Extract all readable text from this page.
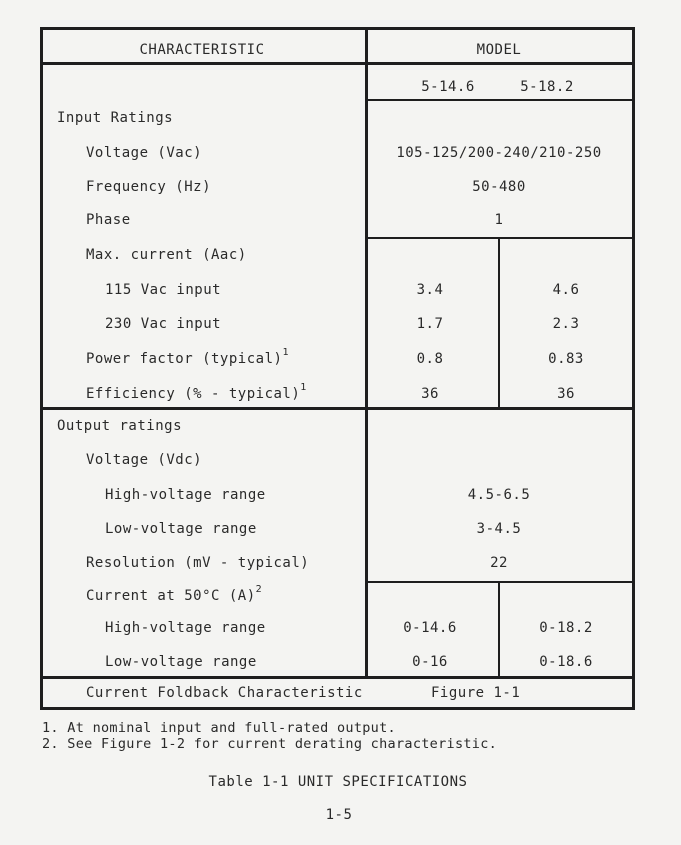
CHARACTERISTIC	MODEL
5-14.6	5-18.2
Input Ratings
Voltage (Vac)	105-125/200-240/210-250
Frequency (Hz)	50-480
Phase	1
Max. current (Aac)
115 Vac input	3.4	4.6
230 Vac input	1.7	2.3
Power factor (typical)$^1$	0.8	0.83
Efficiency (% - typical)$^1$	36	36
Output ratings
Voltage (Vdc)
High-voltage range	4.5-6.5
Low-voltage range	3-4.5
Resolution (mV - typical)	22
Current at 50°C $(A)^2$
High-voltage range	0-14.6	0-18.2
Low-voltage range	0-16	0-18.6
Current Foldback Characteristic	Figure 1-1
1. At nominal input and full-rated output.
2. See Figure 1-2 for current derating characteristic.
Table 1-1 UNIT SPECIFICATIONS
1-5
